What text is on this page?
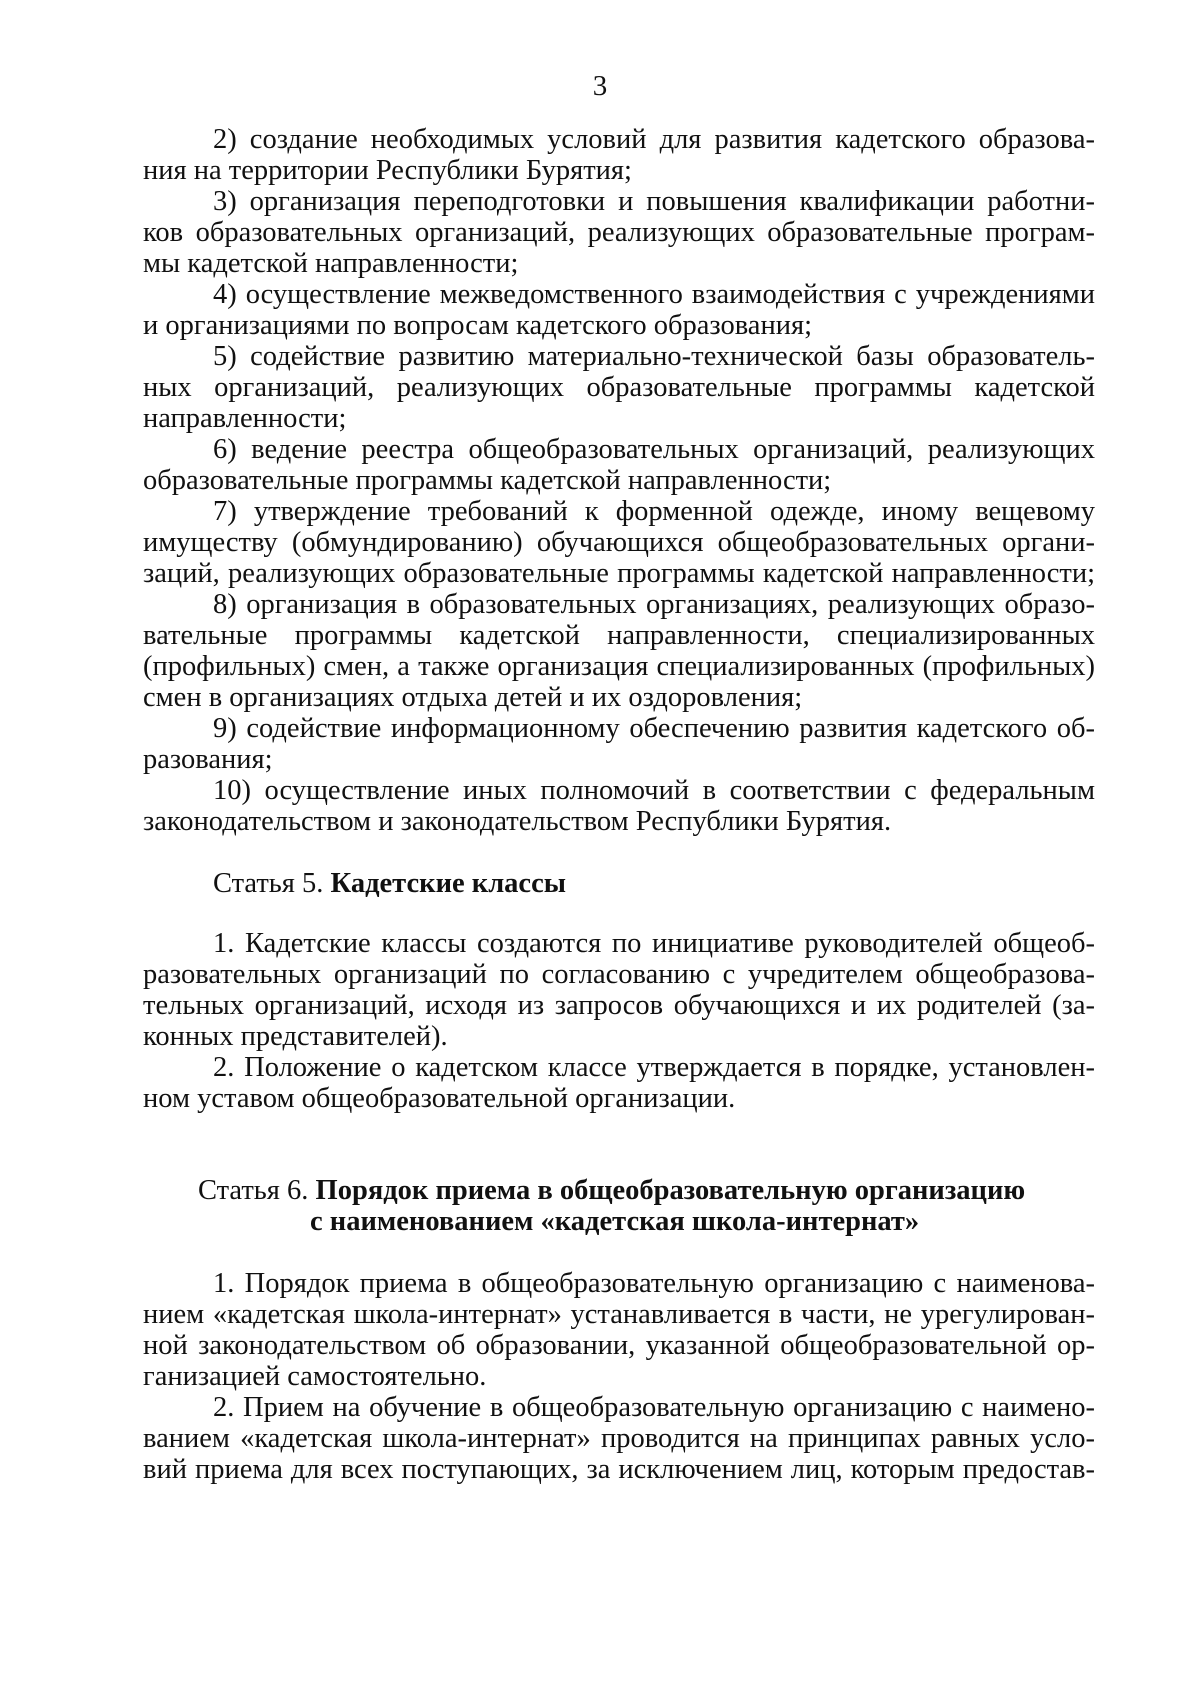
3
2) создание необходимых условий для развития кадетского образова-
ния на территории Республики Бурятия;
3) организация переподготовки и повышения квалификации работни-
ков образовательных организаций, реализующих образовательные програм-
мы кадетской направленности;
4) осуществление межведомственного взаимодействия с учреждениями
и организациями по вопросам кадетского образования;
5) содействие развитию материально-технической базы образователь-
ных организаций, реализующих образовательные программы кадетской
направленности;
6) ведение реестра общеобразовательных организаций, реализующих
образовательные программы кадетской направленности;
7) утверждение требований к форменной одежде, иному вещевому
имуществу (обмундированию) обучающихся общеобразовательных органи-
заций, реализующих образовательные программы кадетской направленности;
8) организация в образовательных организациях, реализующих образо-
вательные программы кадетской направленности, специализированных
(профильных) смен, а также организация специализированных (профильных)
смен в организациях отдыха детей и их оздоровления;
9) содействие информационному обеспечению развития кадетского об-
разования;
10) осуществление иных полномочий в соответствии с федеральным
законодательством и законодательством Республики Бурятия.
Статья 5. Кадетские классы
1. Кадетские классы создаются по инициативе руководителей общеоб-
разовательных организаций по согласованию с учредителем общеобразова-
тельных организаций, исходя из запросов обучающихся и их родителей (за-
конных представителей).
2. Положение о кадетском классе утверждается в порядке, установлен-
ном уставом общеобразовательной организации.
Статья 6. Порядок приема в общеобразовательную организацию
с наименованием «кадетская школа-интернат»
1. Порядок приема в общеобразовательную организацию с наименова-
нием «кадетская школа-интернат» устанавливается в части, не урегулирован-
ной законодательством об образовании, указанной общеобразовательной ор-
ганизацией самостоятельно.
2. Прием на обучение в общеобразовательную организацию с наимено-
ванием «кадетская школа-интернат» проводится на принципах равных усло-
вий приема для всех поступающих, за исключением лиц, которым предостав-
